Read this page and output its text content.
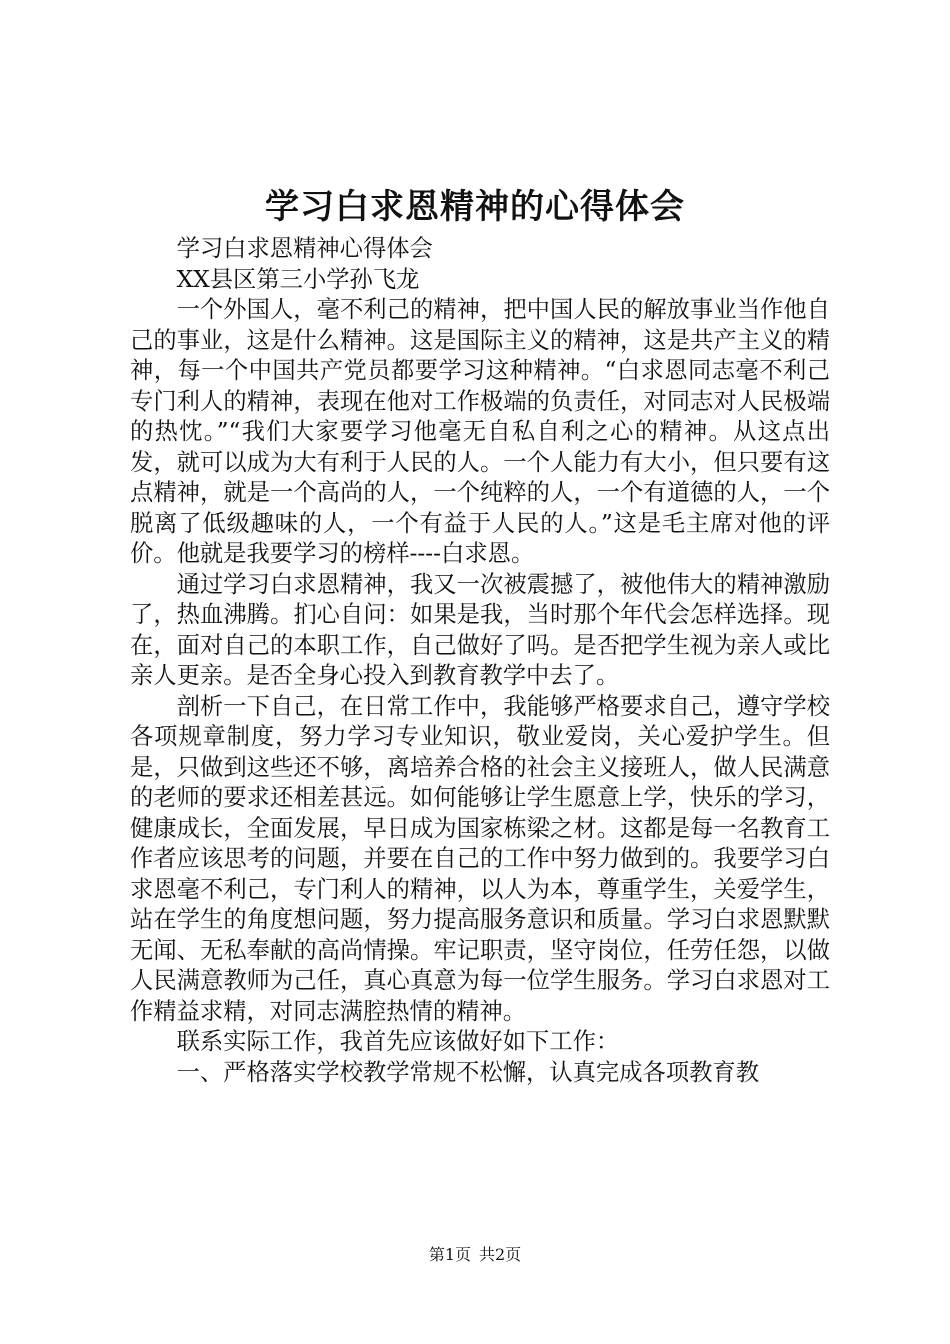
学习白求恩精神的心得体会

学习白求恩精神心得体会

XX县区第三小学孙飞龙

一个外国人，毫不利己的精神，把中国人民的解放事业当作他自己的事业，这是什么精神。这是国际主义的精神，这是共产主义的精神，每一个中国共产党员都要学习这种精神。“白求恩同志毫不利己专门利人的精神，表现在他对工作极端的负责任，对同志对人民极端的热忱。”“我们大家要学习他毫无自私自利之心的精神。从这点出发，就可以成为大有利于人民的人。一个人能力有大小，但只要有这点精神，就是一个高尚的人，一个纯粹的人，一个有道德的人，一个脱离了低级趣味的人，一个有益于人民的人。”这是毛主席对他的评价。他就是我要学习的榜样----白求恩。

通过学习白求恩精神，我又一次被震撼了，被他伟大的精神激励了，热血沸腾。扪心自问：如果是我，当时那个年代会怎样选择。现在，面对自己的本职工作，自己做好了吗。是否把学生视为亲人或比亲人更亲。是否全身心投入到教育教学中去了。

剖析一下自己，在日常工作中，我能够严格要求自己，遵守学校各项规章制度，努力学习专业知识，敬业爱岗，关心爱护学生。但是，只做到这些还不够，离培养合格的社会主义接班人，做人民满意的老师的要求还相差甚远。如何能够让学生愿意上学，快乐的学习，健康成长，全面发展，早日成为国家栋梁之材。这都是每一名教育工作者应该思考的问题，并要在自己的工作中努力做到的。我要学习白求恩毫不利己，专门利人的精神，以人为本，尊重学生，关爱学生，站在学生的角度想问题，努力提高服务意识和质量。学习白求恩默默无闻、无私奉献的高尚情操。牢记职责，坚守岗位，任劳任怨，以做人民满意教师为己任，真心真意为每一位学生服务。学习白求恩对工作精益求精，对同志满腔热情的精神。

联系实际工作，我首先应该做好如下工作：

一、严格落实学校教学常规不松懈，认真完成各项教育教

第1页 共2页
